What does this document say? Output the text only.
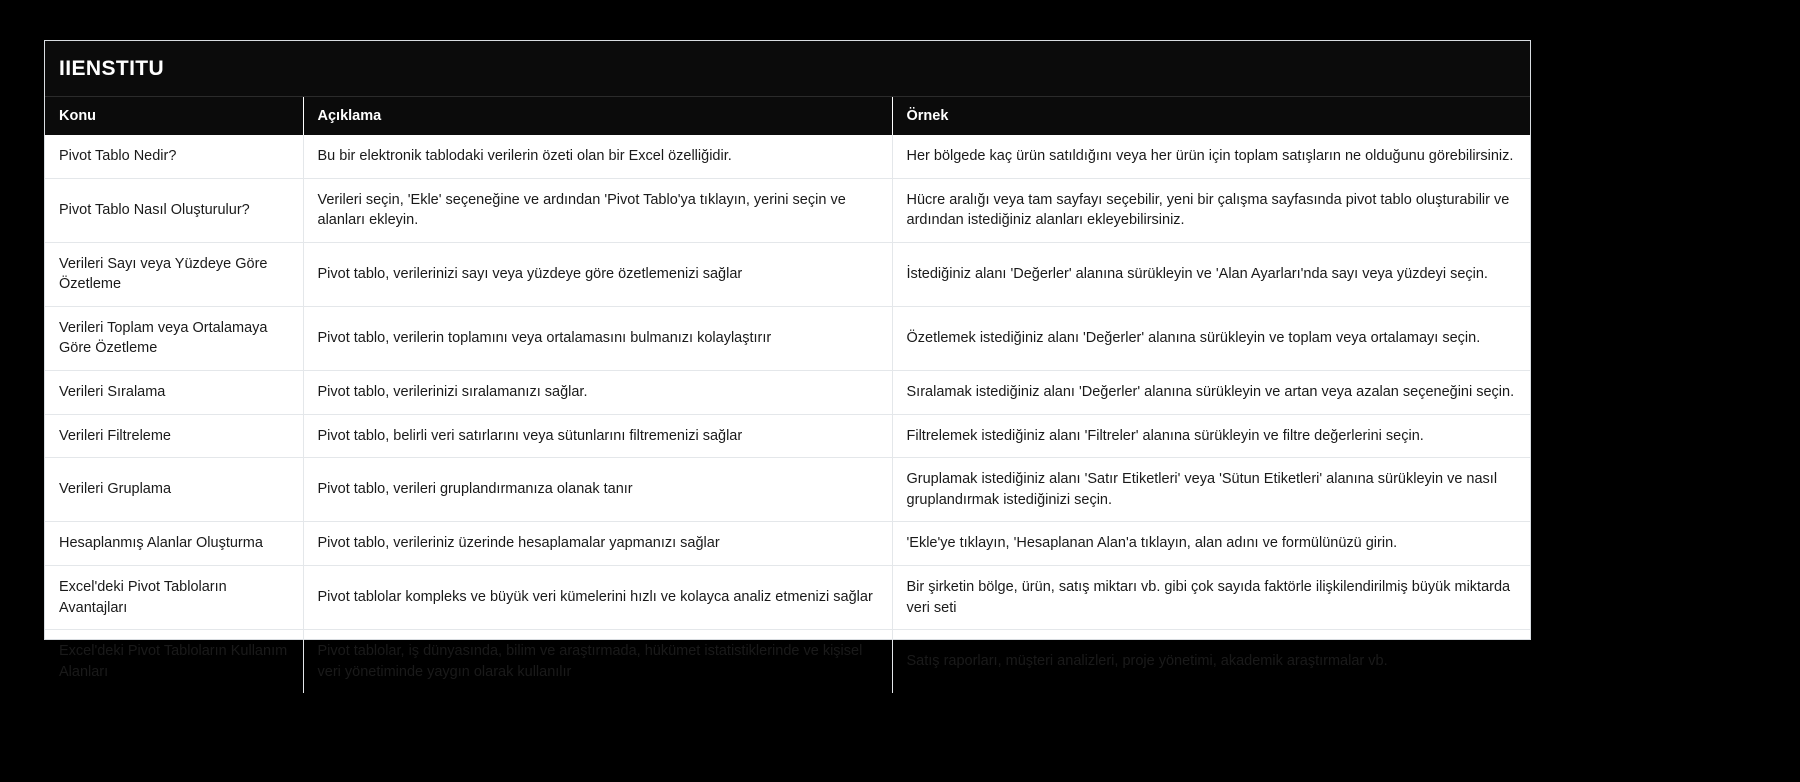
IIENSTITU
Konu	Açıklama	Örnek

Pivot Tablo Nedir?	Bu bir elektronik tablodaki verilerin özeti olan bir Excel özelliğidir.	Her bölgede kaç ürün satıldığını veya her ürün için toplam satışların ne olduğunu görebilirsiniz.

Pivot Tablo Nasıl Oluşturulur?	Verileri seçin, 'Ekle' seçeneğine ve ardından 'Pivot Tablo'ya tıklayın, yerini seçin ve alanları ekleyin.	Hücre aralığı veya tam sayfayı seçebilir, yeni bir çalışma sayfasında pivot tablo oluşturabilir ve ardından istediğiniz alanları ekleyebilirsiniz.

Verileri Sayı veya Yüzdeye Göre Özetleme	Pivot tablo, verilerinizi sayı veya yüzdeye göre özetlemenizi sağlar	İstediğiniz alanı 'Değerler' alanına sürükleyin ve 'Alan Ayarları'nda sayı veya yüzdeyi seçin.

Verileri Toplam veya Ortalamaya Göre Özetleme	Pivot tablo, verilerin toplamını veya ortalamasını bulmanızı kolaylaştırır	Özetlemek istediğiniz alanı 'Değerler' alanına sürükleyin ve toplam veya ortalamayı seçin.

Verileri Sıralama	Pivot tablo, verilerinizi sıralamanızı sağlar.	Sıralamak istediğiniz alanı 'Değerler' alanına sürükleyin ve artan veya azalan seçeneğini seçin.

Verileri Filtreleme	Pivot tablo, belirli veri satırlarını veya sütunlarını filtremenizi sağlar	Filtrelemek istediğiniz alanı 'Filtreler' alanına sürükleyin ve filtre değerlerini seçin.

Verileri Gruplama	Pivot tablo, verileri gruplandırmanıza olanak tanır	Gruplamak istediğiniz alanı 'Satır Etiketleri' veya 'Sütun Etiketleri' alanına sürükleyin ve nasıl gruplandırmak istediğinizi seçin.

Hesaplanmış Alanlar Oluşturma	Pivot tablo, verileriniz üzerinde hesaplamalar yapmanızı sağlar	'Ekle'ye tıklayın, 'Hesaplanan Alan'a tıklayın, alan adını ve formülünüzü girin.

Excel'deki Pivot Tabloların Avantajları	Pivot tablolar kompleks ve büyük veri kümelerini hızlı ve kolayca analiz etmenizi sağlar	Bir şirketin bölge, ürün, satış miktarı vb. gibi çok sayıda faktörle ilişkilendirilmiş büyük miktarda veri seti

Excel'deki Pivot Tabloların Kullanım Alanları	Pivot tablolar, iş dünyasında, bilim ve araştırmada, hükümet istatistiklerinde ve kişisel veri yönetiminde yaygın olarak kullanılır	Satış raporları, müşteri analizleri, proje yönetimi, akademik araştırmalar vb.
